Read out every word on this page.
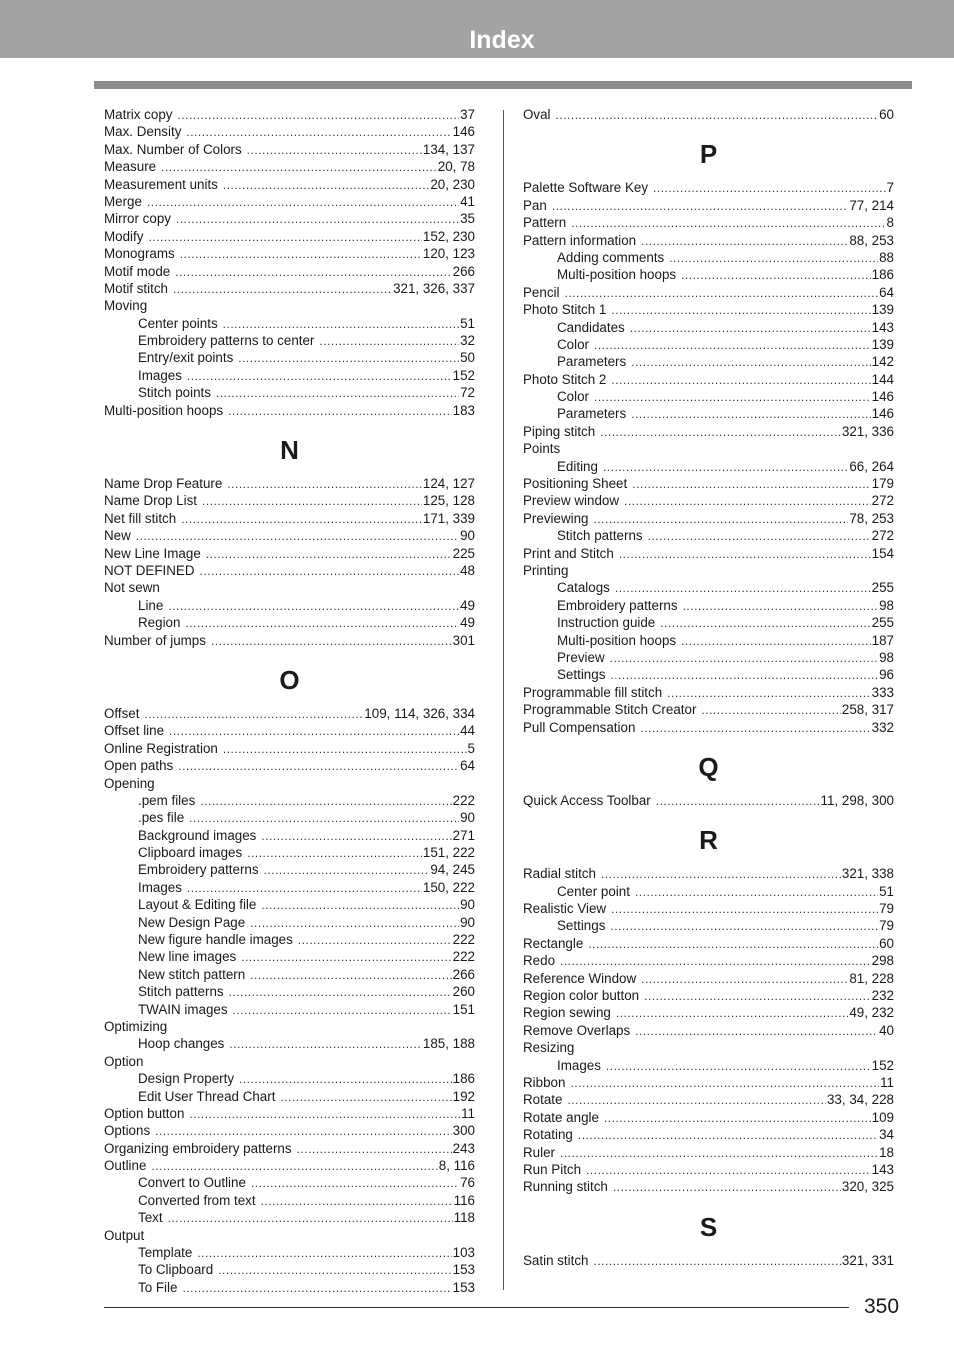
Index
Matrix copy .....	37
Max. Density .....	146
Max. Number of Colors .....	134, 137
Measure .....	20, 78
Measurement units .....	20, 230
Merge .....	41
Mirror copy .....	35
Modify .....	152, 230
Monograms .....	120, 123
Motif mode .....	266
Motif stitch .....	321, 326, 337
Moving
Center points .....	51
Embroidery patterns to center .....	32
Entry/exit points .....	50
Images .....	152
Stitch points .....	72
Multi-position hoops .....	183
N
Name Drop Feature .....	124, 127
Name Drop List .....	125, 128
Net fill stitch .....	171, 339
New .....	90
New Line Image .....	225
NOT DEFINED .....	48
Not sewn
Line .....	49
Region .....	49
Number of jumps .....	301
O
Offset .....	109, 114, 326, 334
Offset line .....	44
Online Registration .....	5
Open paths .....	64
Opening
.pem files .....	222
.pes file .....	90
Background images .....	271
Clipboard images .....	151, 222
Embroidery patterns .....	94, 245
Images .....	150, 222
Layout & Editing file .....	90
New Design Page .....	90
New figure handle images .....	222
New line images .....	222
New stitch pattern .....	266
Stitch patterns .....	260
TWAIN images .....	151
Optimizing
Hoop changes .....	185, 188
Option
Design Property .....	186
Edit User Thread Chart .....	192
Option button .....	11
Options .....	300
Organizing embroidery patterns .....	243
Outline .....	8, 116
Convert to Outline .....	76
Converted from text .....	116
Text .....	118
Output
Template .....	103
To Clipboard .....	153
To File .....	153
Oval .....	60
P
Palette Software Key .....	7
Pan .....	77, 214
Pattern .....	8
Pattern information .....	88, 253
Adding comments .....	88
Multi-position hoops .....	186
Pencil .....	64
Photo Stitch 1 .....	139
Candidates .....	143
Color .....	139
Parameters .....	142
Photo Stitch 2 .....	144
Color .....	146
Parameters .....	146
Piping stitch .....	321, 336
Points
Editing .....	66, 264
Positioning Sheet .....	179
Preview window .....	272
Previewing .....	78, 253
Stitch patterns .....	272
Print and Stitch .....	154
Printing
Catalogs .....	255
Embroidery patterns .....	98
Instruction guide .....	255
Multi-position hoops .....	187
Preview .....	98
Settings .....	96
Programmable fill stitch .....	333
Programmable Stitch Creator .....	258, 317
Pull Compensation .....	332
Q
Quick Access Toolbar .....	11, 298, 300
R
Radial stitch .....	321, 338
Center point .....	51
Realistic View .....	79
Settings .....	79
Rectangle .....	60
Redo .....	298
Reference Window .....	81, 228
Region color button .....	232
Region sewing .....	49, 232
Remove Overlaps .....	40
Resizing
Images .....	152
Ribbon .....	11
Rotate .....	33, 34, 228
Rotate angle .....	109
Rotating .....	34
Ruler .....	18
Run Pitch .....	143
Running stitch .....	320, 325
S
Satin stitch .....	321, 331
350
